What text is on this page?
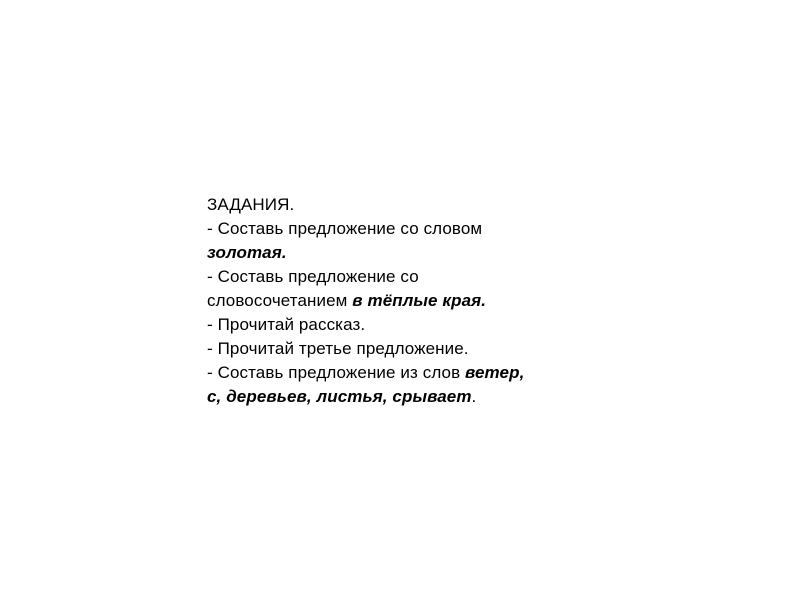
ЗАДАНИЯ.
- Составь предложение со словом
золотая.
- Составь предложение со
словосочетанием в тёплые края.
- Прочитай рассказ.
- Прочитай третье предложение.
- Составь предложение из слов ветер,
с, деревьев, листья, срывает.
